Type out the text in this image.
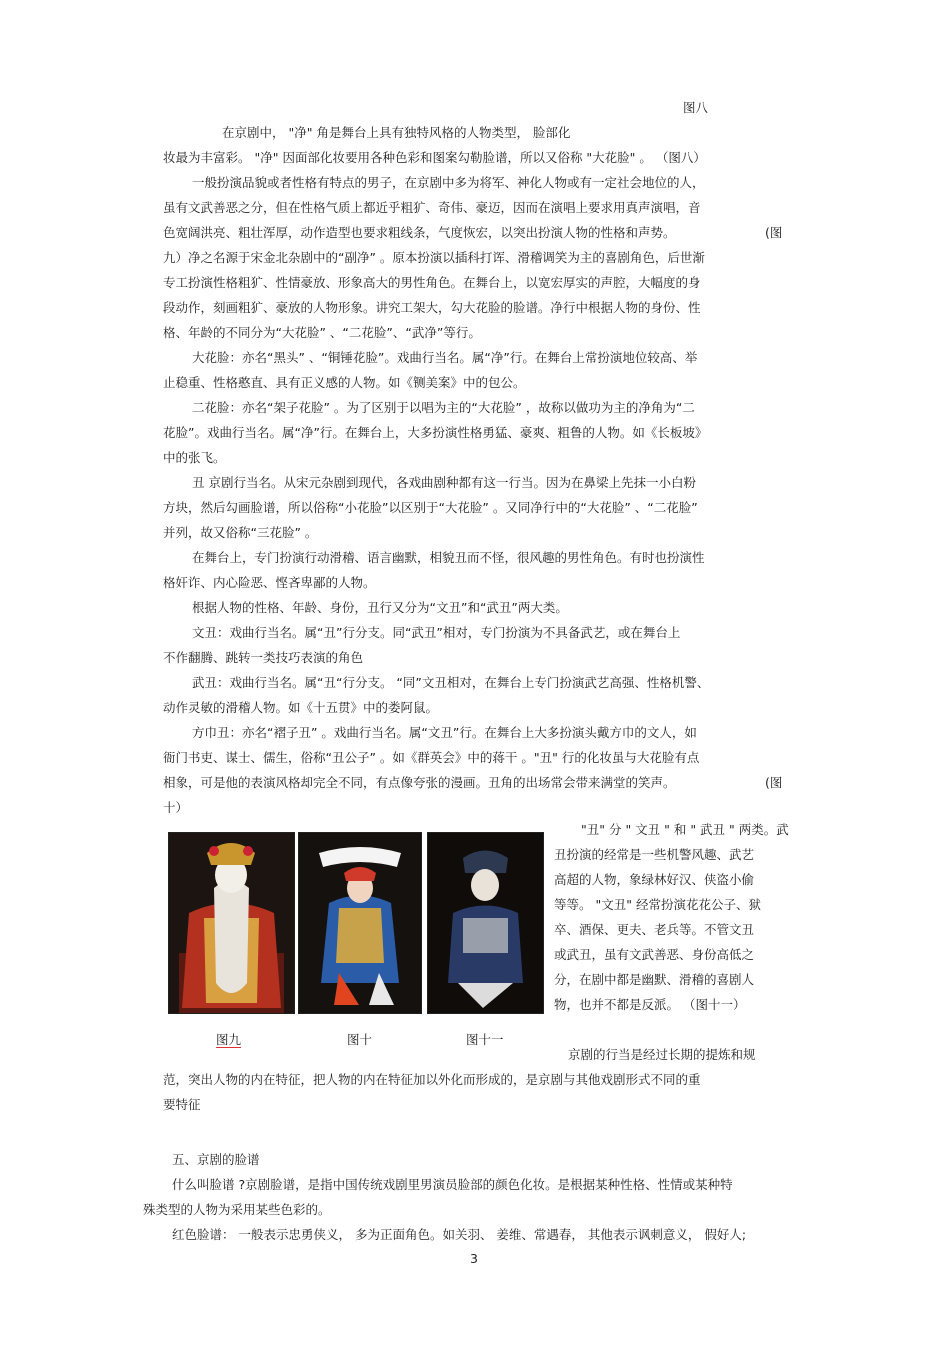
图八
在京剧中， "净" 角是舞台上具有独特风格的人物类型， 脸部化
妆最为丰富彩。 "净" 因面部化妆要用各种色彩和图案勾勒脸谱，所以又俗称 "大花脸" 。 （图八）
一般扮演品貌或者性格有特点的男子，在京剧中多为将军、神化人物或有一定社会地位的人，
虽有文武善恶之分，但在性格气质上都近乎粗犷、奇伟、豪迈，因而在演唱上要求用真声演唱，音
色宽阔洪亮、粗壮浑厚，动作造型也要求粗线条，气度恢宏，以突出扮演人物的性格和声势。	(图
九）净之名源于宋金北杂剧中的“副净” 。原本扮演以插科打诨、滑稽调笑为主的喜剧角色，后世渐
专工扮演性格粗犷、性情豪放、形象高大的男性角色。在舞台上，以宽宏厚实的声腔，大幅度的身
段动作，刻画粗犷、豪放的人物形象。讲究工架大，勾大花脸的脸谱。净行中根据人物的身份、性
格、年龄的不同分为“大花脸” 、“二花脸”、“武净”等行。
大花脸：亦名“黑头” 、“铜锤花脸”。戏曲行当名。属“净”行。在舞台上常扮演地位较高、举
止稳重、性格憨直、具有正义感的人物。如《铡美案》中的包公。
二花脸：亦名“架子花脸” 。为了区别于以唱为主的“大花脸” ，故称以做功为主的净角为“二
花脸”。戏曲行当名。属“净”行。在舞台上，大多扮演性格勇猛、豪爽、粗鲁的人物。如《长板坡》
中的张飞。
丑 京剧行当名。从宋元杂剧到现代，各戏曲剧种都有这一行当。因为在鼻梁上先抹一小白粉
方块，然后勾画脸谱，所以俗称“小花脸”以区别于“大花脸” 。又同净行中的“大花脸” 、“二花脸”
并列，故又俗称“三花脸” 。
在舞台上，专门扮演行动滑稽、语言幽默，相貌丑而不怪，很风趣的男性角色。有时也扮演性
格奸诈、内心险恶、悭吝卑鄙的人物。
根据人物的性格、年龄、身份，丑行又分为“文丑”和“武丑”两大类。
文丑：戏曲行当名。属“丑”行分支。同“武丑”相对，专门扮演为不具备武艺，或在舞台上
不作翻腾、跳转一类技巧表演的角色
武丑：戏曲行当名。属“丑“行分支。 “同”文丑相对，在舞台上专门扮演武艺高强、性格机警、
动作灵敏的滑稽人物。如《十五贯》中的娄阿鼠。
方巾丑：亦名“褶子丑” 。戏曲行当名。属“文丑”行。在舞台上大多扮演头戴方巾的文人，如
衙门书吏、谋士、儒生，俗称“丑公子” 。如《群英会》中的蒋干 。"丑" 行的化妆虽与大花脸有点
相象，可是他的表演风格却完全不同，有点像夸张的漫画。丑角的出场常会带来满堂的笑声。	(图
十）
"丑" 分 " 文丑 " 和 " 武丑 " 两类。武
丑扮演的经常是一些机警风趣、武艺
高超的人物，象绿林好汉、侠盗小偷
等等。 "文丑" 经常扮演花花公子、狱
卒、酒保、更夫、老兵等。不管文丑
或武丑，虽有文武善恶、身份高低之
分，在剧中都是幽默、滑稽的喜剧人
物，也并不都是反派。 （图十一）
图九	图十	图十一
京剧的行当是经过长期的提炼和规
范，突出人物的内在特征，把人物的内在特征加以外化而形成的，是京剧与其他戏剧形式不同的重
要特征
五、京剧的脸谱
什么叫脸谱 ?京剧脸谱，是指中国传统戏剧里男演员脸部的颜色化妆。是根据某种性格、性情或某种特
殊类型的人物为采用某些色彩的。
红色脸谱： 一般表示忠勇侠义， 多为正面角色。如关羽、 姜维、常遇春， 其他表示讽刺意义， 假好人;
3
